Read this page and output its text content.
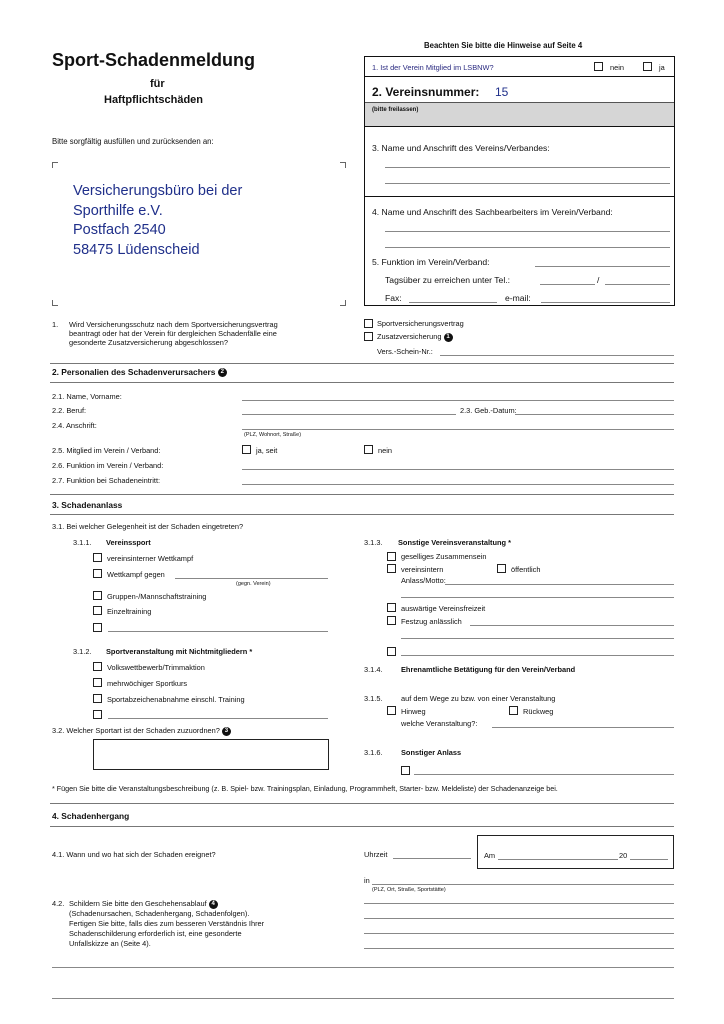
Sport-Schadenmeldung
für
Haftpflichtschäden
Beachten Sie bitte die Hinweise auf Seite 4
Bitte sorgfältig ausfüllen und zurücksenden an:
Versicherungsbüro bei der
Sporthilfe e.V.
Postfach 2540
58475 Lüdenscheid
1. Ist der Verein Mitglied im LSBNW?	nein	ja
2. Vereinsnummer: 15
(bitte freilassen)
3. Name und Anschrift des Vereins/Verbandes:
4. Name und Anschrift des Sachbearbeiters im Verein/Verband:
5. Funktion im Verein/Verband:
Tagsüber zu erreichen unter Tel.:	/
Fax:	e-mail:
1. Wird Versicherungsschutz nach dem Sportversicherungsvertrag
beantragt oder hat der Verein für dergleichen Schadenfälle eine
gesonderte Zusatzversicherung abgeschlossen?
Sportversicherungsvertrag
Zusatzversicherung 1
Vers.-Schein-Nr.:
2. Personalien des Schadenverursachers 2
2.1. Name, Vorname:
2.2. Beruf:	2.3. Geb.-Datum:
2.4. Anschrift:
(PLZ, Wohnort, Straße)
2.5. Mitglied im Verein / Verband:	ja, seit	nein
2.6. Funktion im Verein / Verband:
2.7. Funktion bei Schadeneintritt:
3. Schadenanlass
3.1. Bei welcher Gelegenheit ist der Schaden eingetreten?
3.1.1. Vereinssport
vereinsinterner Wettkampf
Wettkampf gegen
(gegn. Verein)
Gruppen-/Mannschaftstraining
Einzeltraining
3.1.2. Sportveranstaltung mit Nichtmitgliedern *
Volkswettbewerb/Trimmaktion
mehrwöchiger Sportkurs
Sportabzeichenabnahme einschl. Training
3.2. Welcher Sportart ist der Schaden zuzuordnen? 3
3.1.3. Sonstige Vereinsveranstaltung *
geselliges Zusammensein
vereinsintern	öffentlich
Anlass/Motto:
auswärtige Vereinsfreizeit
Festzug anlässlich
3.1.4.	Ehrenamtliche Betätigung für den Verein/Verband
3.1.5.	auf dem Wege zu bzw. von einer Veranstaltung
Hinweg	Rückweg
welche Veranstaltung?:
3.1.6.	Sonstiger Anlass
* Fügen Sie bitte die Veranstaltungsbeschreibung (z. B. Spiel- bzw. Trainingsplan, Einladung, Programmheft, Starter- bzw. Meldeliste) der Schadenanzeige bei.
4. Schadenhergang
4.1. Wann und wo hat sich der Schaden ereignet?	Uhrzeit	Am	20
in
(PLZ, Ort, Straße, Sportstätte)
4.2. Schildern Sie bitte den Geschehensablauf 4
(Schadenursachen, Schadenhergang, Schadenfolgen).
Fertigen Sie bitte, falls dies zum besseren Verständnis Ihrer
Schadenschilderung erforderlich ist, eine gesonderte
Unfallskizze an (Seite 4).
